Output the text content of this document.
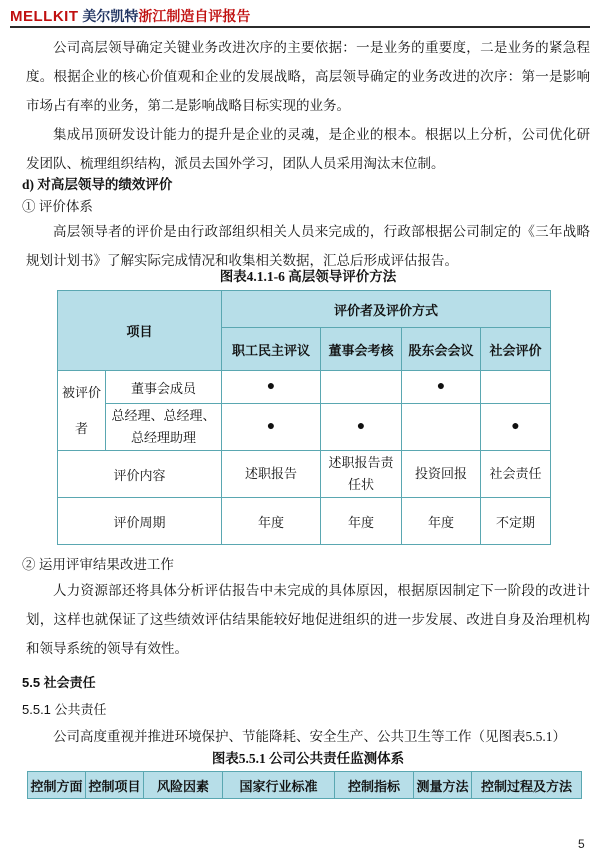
MELLKIT 美尔凯特浙江制造自评报告
公司高层领导确定关键业务改进次序的主要依据：一是业务的重要度，二是业务的紧急程度。根据企业的核心价值观和企业的发展战略，高层领导确定的业务改进的次序：第一是影响市场占有率的业务，第二是影响战略目标实现的业务。
集成吊顶研发设计能力的提升是企业的灵魂，是企业的根本。根据以上分析，公司优化研发团队、梳理组织结构，派员去国外学习，团队人员采用淘汰末位制。
d) 对高层领导的绩效评价
① 评价体系
高层领导者的评价是由行政部组织相关人员来完成的，行政部根据公司制定的《三年战略规划计划书》了解实际完成情况和收集相关数据，汇总后形成评估报告。
图表4.1.1-6 高层领导评价方法
项目		评价者及评价方式			
		职工民主评议	董事会考核	股东会会议	社会评价
被评价者	董事会成员	●		●	
	总经理、总经理、总经理助理	●	●		●
评价内容		述职报告	述职报告责任状	投资回报	社会责任
评价周期		年度	年度	年度	不定期
② 运用评审结果改进工作
人力资源部还将具体分析评估报告中未完成的具体原因，根据原因制定下一阶段的改进计划，这样也就保证了这些绩效评估结果能较好地促进组织的进一步发展、改进自身及治理机构和领导系统的领导有效性。
5.5 社会责任
5.5.1 公共责任
公司高度重视并推进环境保护、节能降耗、安全生产、公共卫生等工作（见图表5.5.1）
图表5.5.1 公司公共责任监测体系
控制方面	控制项目	风险因素	国家行业标准	控制指标	测量方法	控制过程及方法
5
